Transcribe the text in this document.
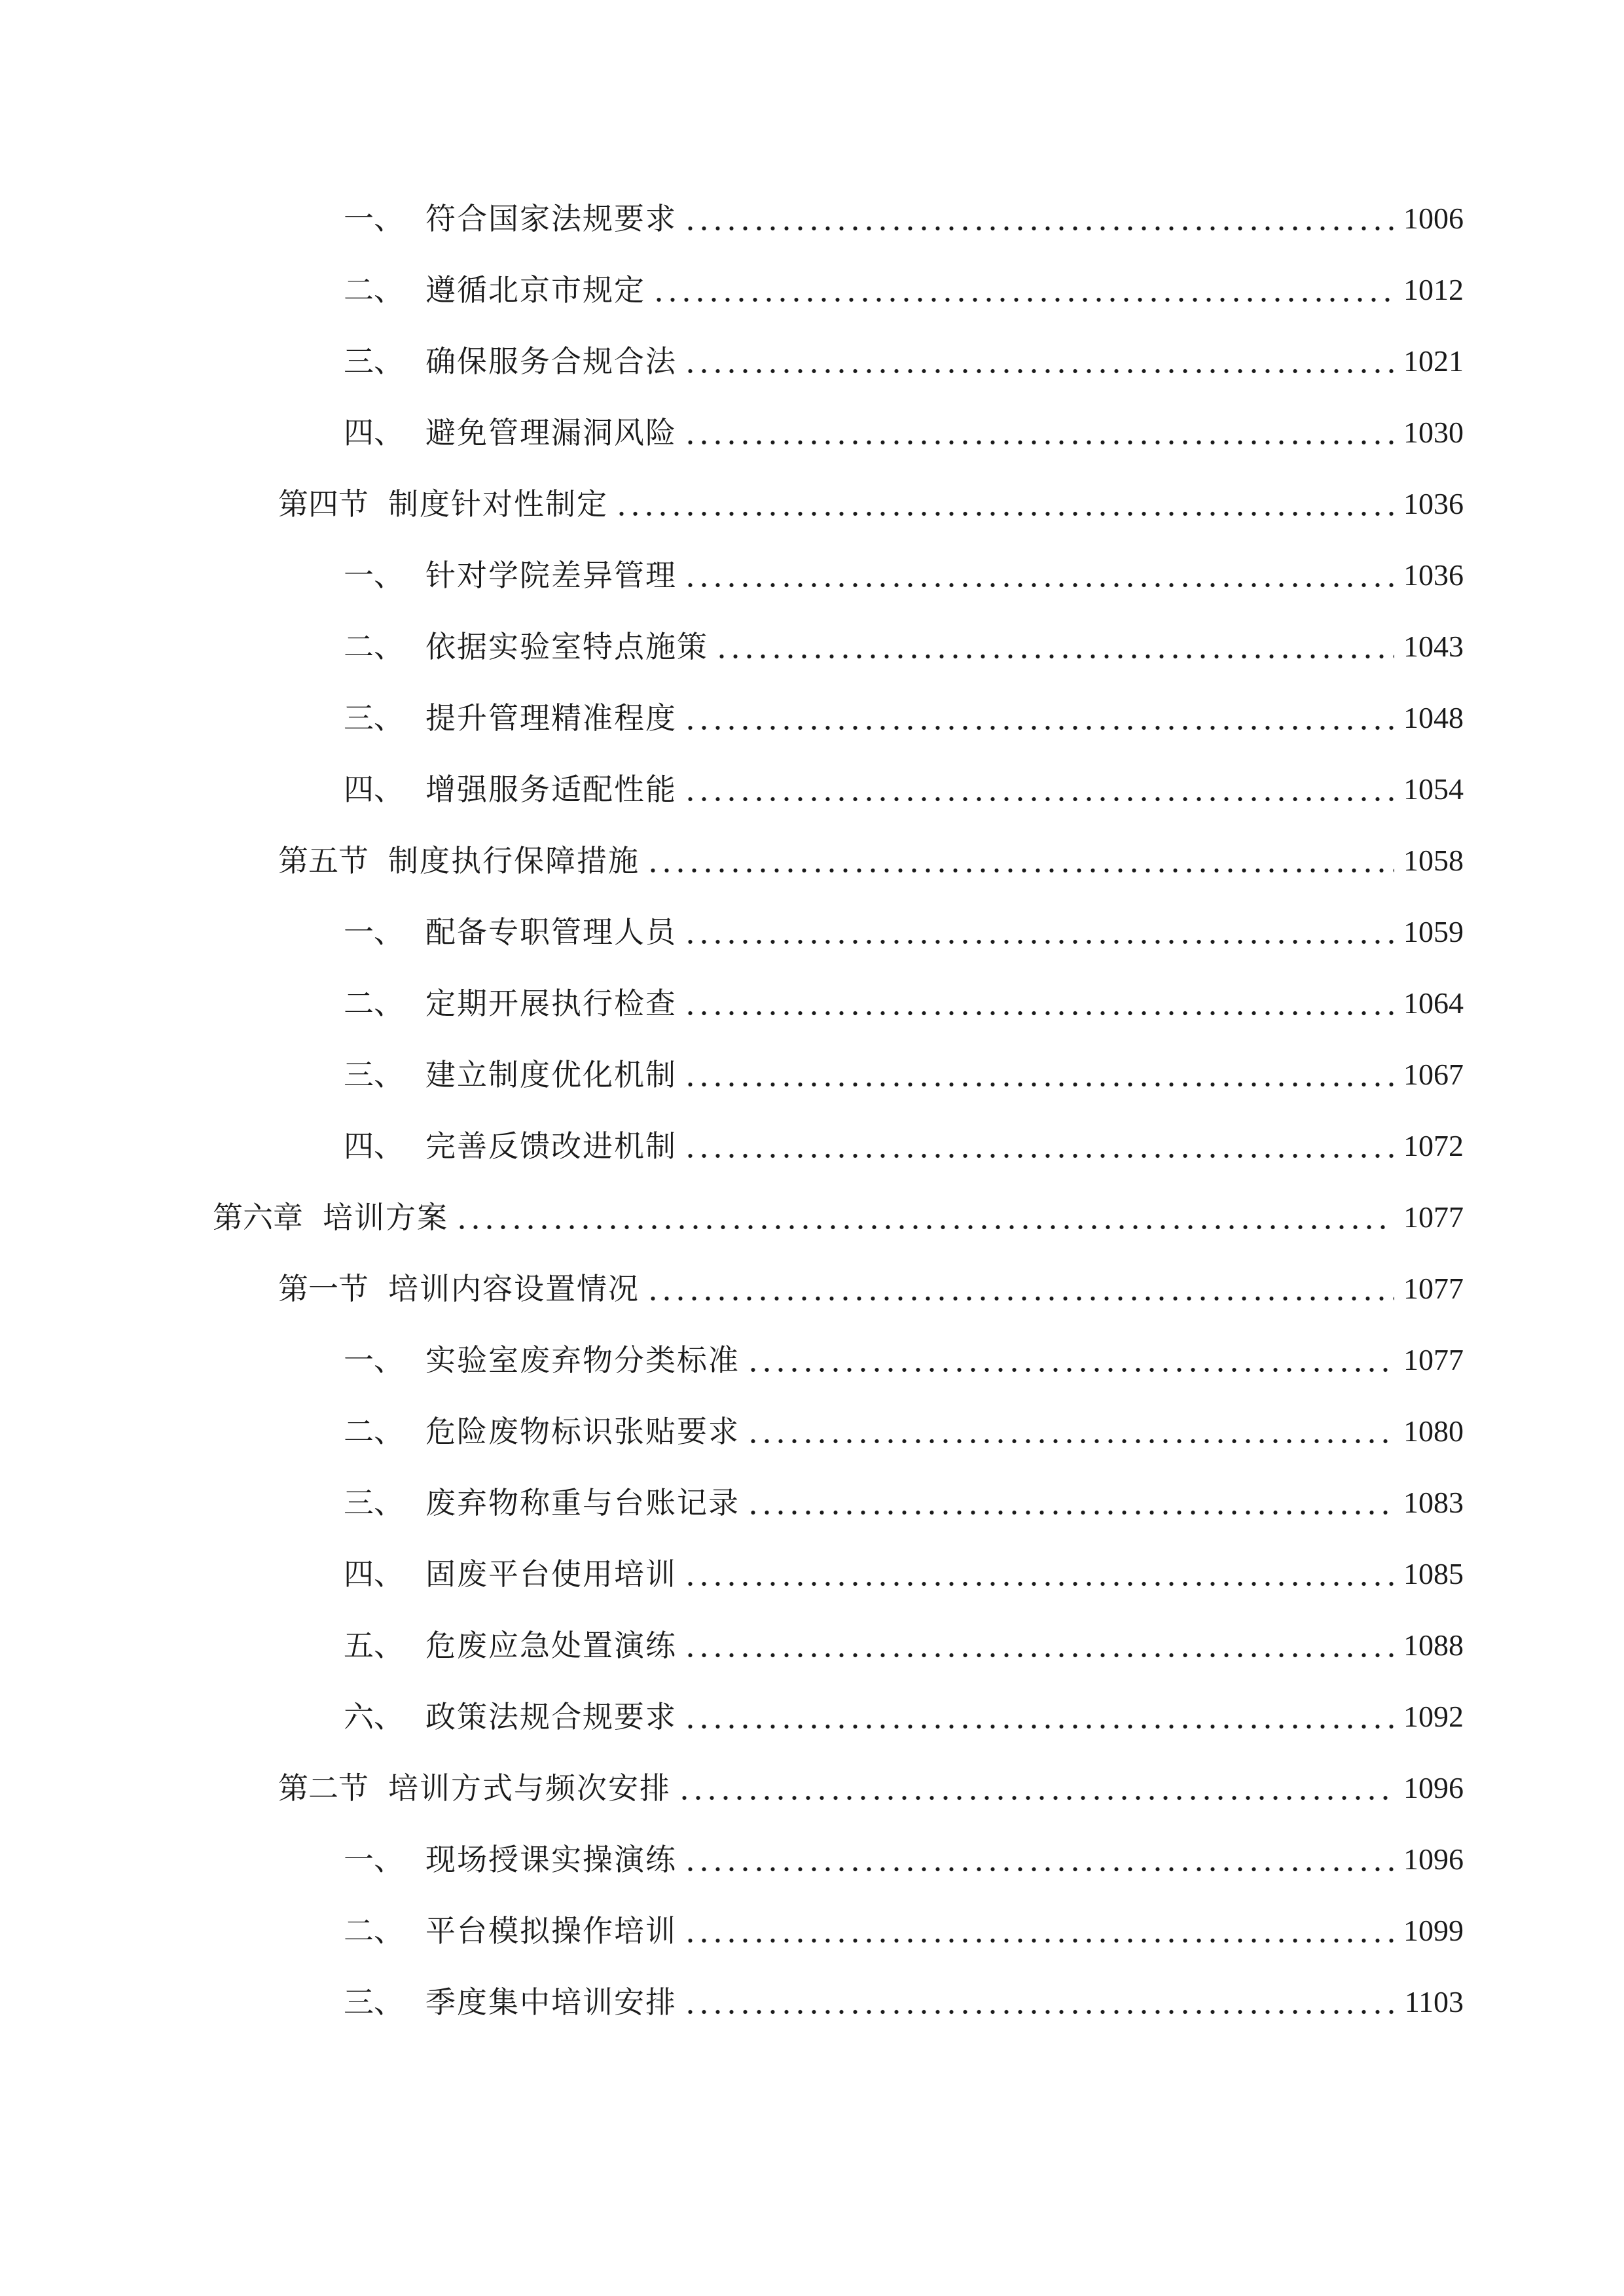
一、 符合国家法规要求	1006
二、 遵循北京市规定	1012
三、 确保服务合规合法	1021
四、 避免管理漏洞风险	1030
第四节 制度针对性制定	1036
一、 针对学院差异管理	1036
二、 依据实验室特点施策	1043
三、 提升管理精准程度	1048
四、 增强服务适配性能	1054
第五节 制度执行保障措施	1058
一、 配备专职管理人员	1059
二、 定期开展执行检查	1064
三、 建立制度优化机制	1067
四、 完善反馈改进机制	1072
第六章 培训方案	1077
第一节 培训内容设置情况	1077
一、 实验室废弃物分类标准	1077
二、 危险废物标识张贴要求	1080
三、 废弃物称重与台账记录	1083
四、 固废平台使用培训	1085
五、 危废应急处置演练	1088
六、 政策法规合规要求	1092
第二节 培训方式与频次安排	1096
一、 现场授课实操演练	1096
二、 平台模拟操作培训	1099
三、 季度集中培训安排	1103
